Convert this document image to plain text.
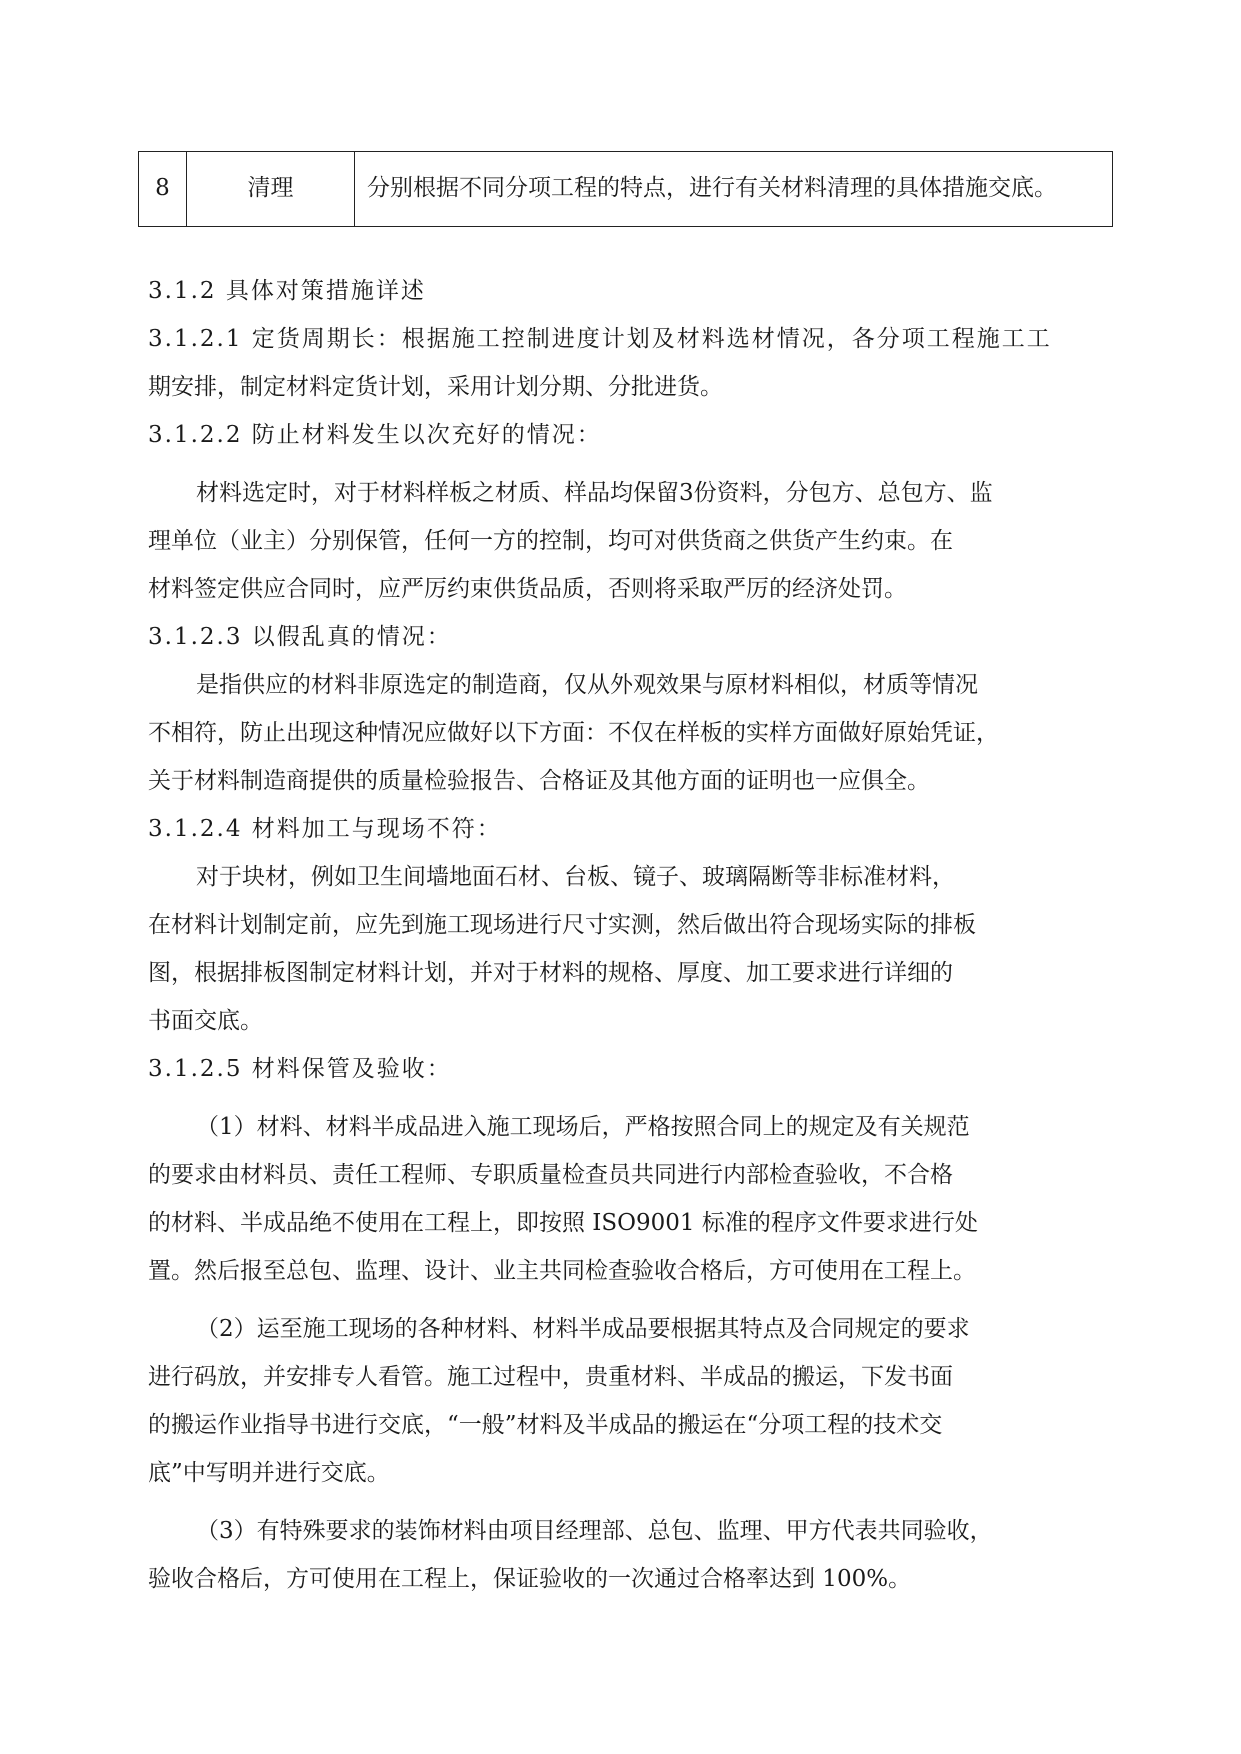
8	清理	分别根据不同分项工程的特点，进行有关材料清理的具体措施交底。
3.1.2 具体对策措施详述
3.1.2.1 定货周期长：根据施工控制进度计划及材料选材情况，各分项工程施工工
期安排，制定材料定货计划，采用计划分期、分批进货。
3.1.2.2 防止材料发生以次充好的情况：
材料选定时，对于材料样板之材质、样品均保留3份资料，分包方、总包方、监
理单位（业主）分别保管，任何一方的控制，均可对供货商之供货产生约束。在
材料签定供应合同时，应严厉约束供货品质，否则将采取严厉的经济处罚。
3.1.2.3 以假乱真的情况：
是指供应的材料非原选定的制造商，仅从外观效果与原材料相似，材质等情况
不相符，防止出现这种情况应做好以下方面：不仅在样板的实样方面做好原始凭证，
关于材料制造商提供的质量检验报告、合格证及其他方面的证明也一应俱全。
3.1.2.4 材料加工与现场不符：
对于块材，例如卫生间墙地面石材、台板、镜子、玻璃隔断等非标准材料，
在材料计划制定前，应先到施工现场进行尺寸实测，然后做出符合现场实际的排板
图，根据排板图制定材料计划，并对于材料的规格、厚度、加工要求进行详细的
书面交底。
3.1.2.5 材料保管及验收：
（1）材料、材料半成品进入施工现场后，严格按照合同上的规定及有关规范
的要求由材料员、责任工程师、专职质量检查员共同进行内部检查验收，不合格
的材料、半成品绝不使用在工程上，即按照 ISO9001 标准的程序文件要求进行处
置。然后报至总包、监理、设计、业主共同检查验收合格后，方可使用在工程上。
（2）运至施工现场的各种材料、材料半成品要根据其特点及合同规定的要求
进行码放，并安排专人看管。施工过程中，贵重材料、半成品的搬运，下发书面
的搬运作业指导书进行交底，“一般”材料及半成品的搬运在“分项工程的技术交
底”中写明并进行交底。
（3）有特殊要求的装饰材料由项目经理部、总包、监理、甲方代表共同验收，
验收合格后，方可使用在工程上，保证验收的一次通过合格率达到 100%。
